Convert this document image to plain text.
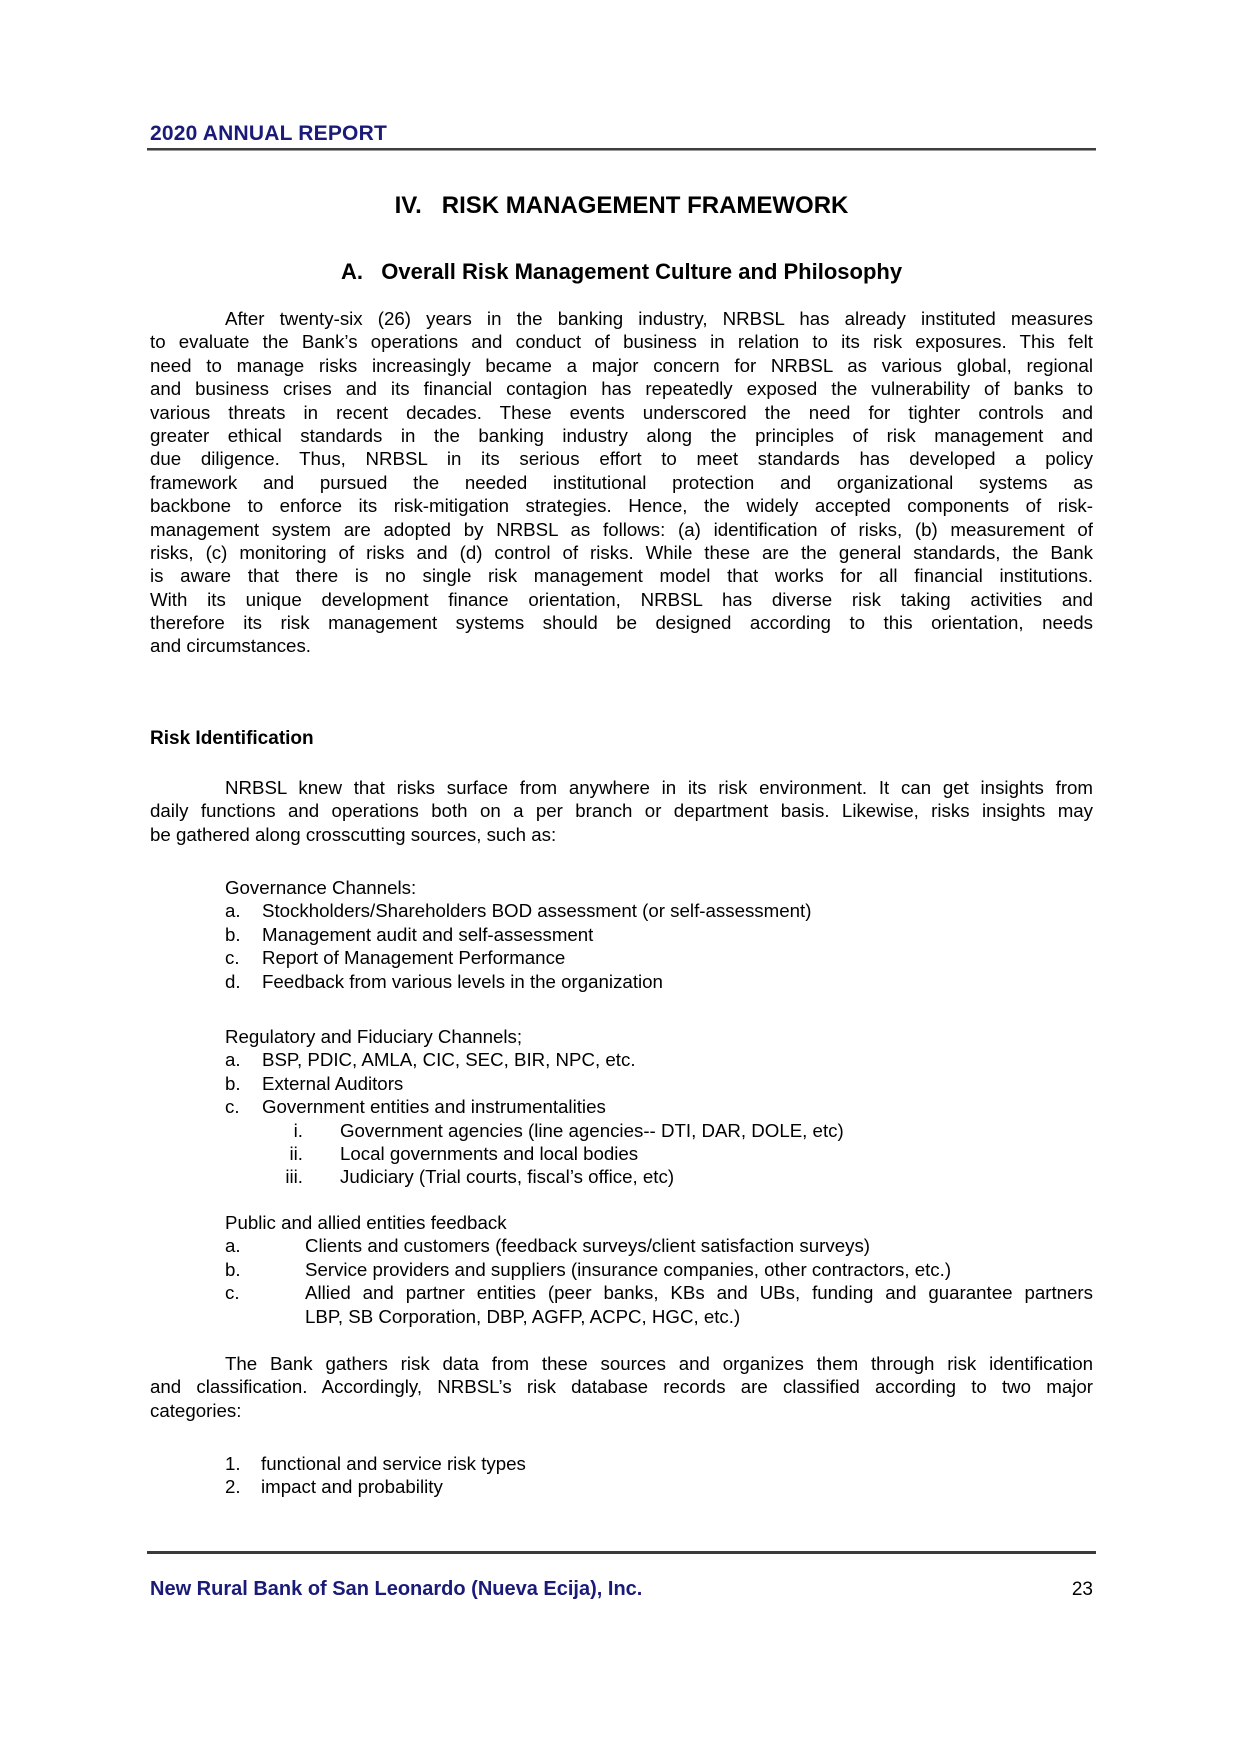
2020 ANNUAL REPORT
IV.   RISK MANAGEMENT FRAMEWORK
A.   Overall Risk Management Culture and Philosophy
After twenty-six (26) years in the banking industry, NRBSL has already instituted measures
to evaluate the Bank’s operations and conduct of business in relation to its risk exposures. This felt
need to manage risks increasingly became a major concern for NRBSL as various global, regional
and business crises and its financial contagion has repeatedly exposed the vulnerability of banks to
various threats in recent decades. These events underscored the need for tighter controls and
greater ethical standards in the banking industry along the principles of risk management and
due diligence. Thus, NRBSL in its serious effort to meet standards has developed a policy
framework and pursued the needed institutional protection and organizational systems as
backbone to enforce its risk-mitigation strategies. Hence, the widely accepted components of risk-
management system are adopted by NRBSL as follows: (a) identification of risks, (b) measurement of
risks, (c) monitoring of risks and (d) control of risks. While these are the general standards, the Bank
is aware that there is no single risk management model that works for all financial institutions.
With its unique development finance orientation, NRBSL has diverse risk taking activities and
therefore its risk management systems should be designed according to this orientation, needs
and circumstances.
Risk Identification
NRBSL knew that risks surface from anywhere in its risk environment. It can get insights from
daily functions and operations both on a per branch or department basis. Likewise, risks insights may
be gathered along crosscutting sources, such as:
Governance Channels:
a. Stockholders/Shareholders BOD assessment (or self-assessment)
b. Management audit and self-assessment
c. Report of Management Performance
d. Feedback from various levels in the organization
Regulatory and Fiduciary Channels;
a. BSP, PDIC, AMLA, CIC, SEC, BIR, NPC, etc.
b. External Auditors
c. Government entities and instrumentalities
i. Government agencies (line agencies-- DTI, DAR, DOLE, etc)
ii. Local governments and local bodies
iii. Judiciary (Trial courts, fiscal’s office, etc)
Public and allied entities feedback
a.	Clients and customers (feedback surveys/client satisfaction surveys)
b.	Service providers and suppliers (insurance companies, other contractors, etc.)
c.	Allied and partner entities (peer banks, KBs and UBs, funding and guarantee partners
LBP, SB Corporation, DBP, AGFP, ACPC, HGC, etc.)
The Bank gathers risk data from these sources and organizes them through risk identification
and classification. Accordingly, NRBSL’s risk database records are classified according to two major
categories:
1. functional and service risk types
2. impact and probability
New Rural Bank of San Leonardo (Nueva Ecija), Inc.	23
